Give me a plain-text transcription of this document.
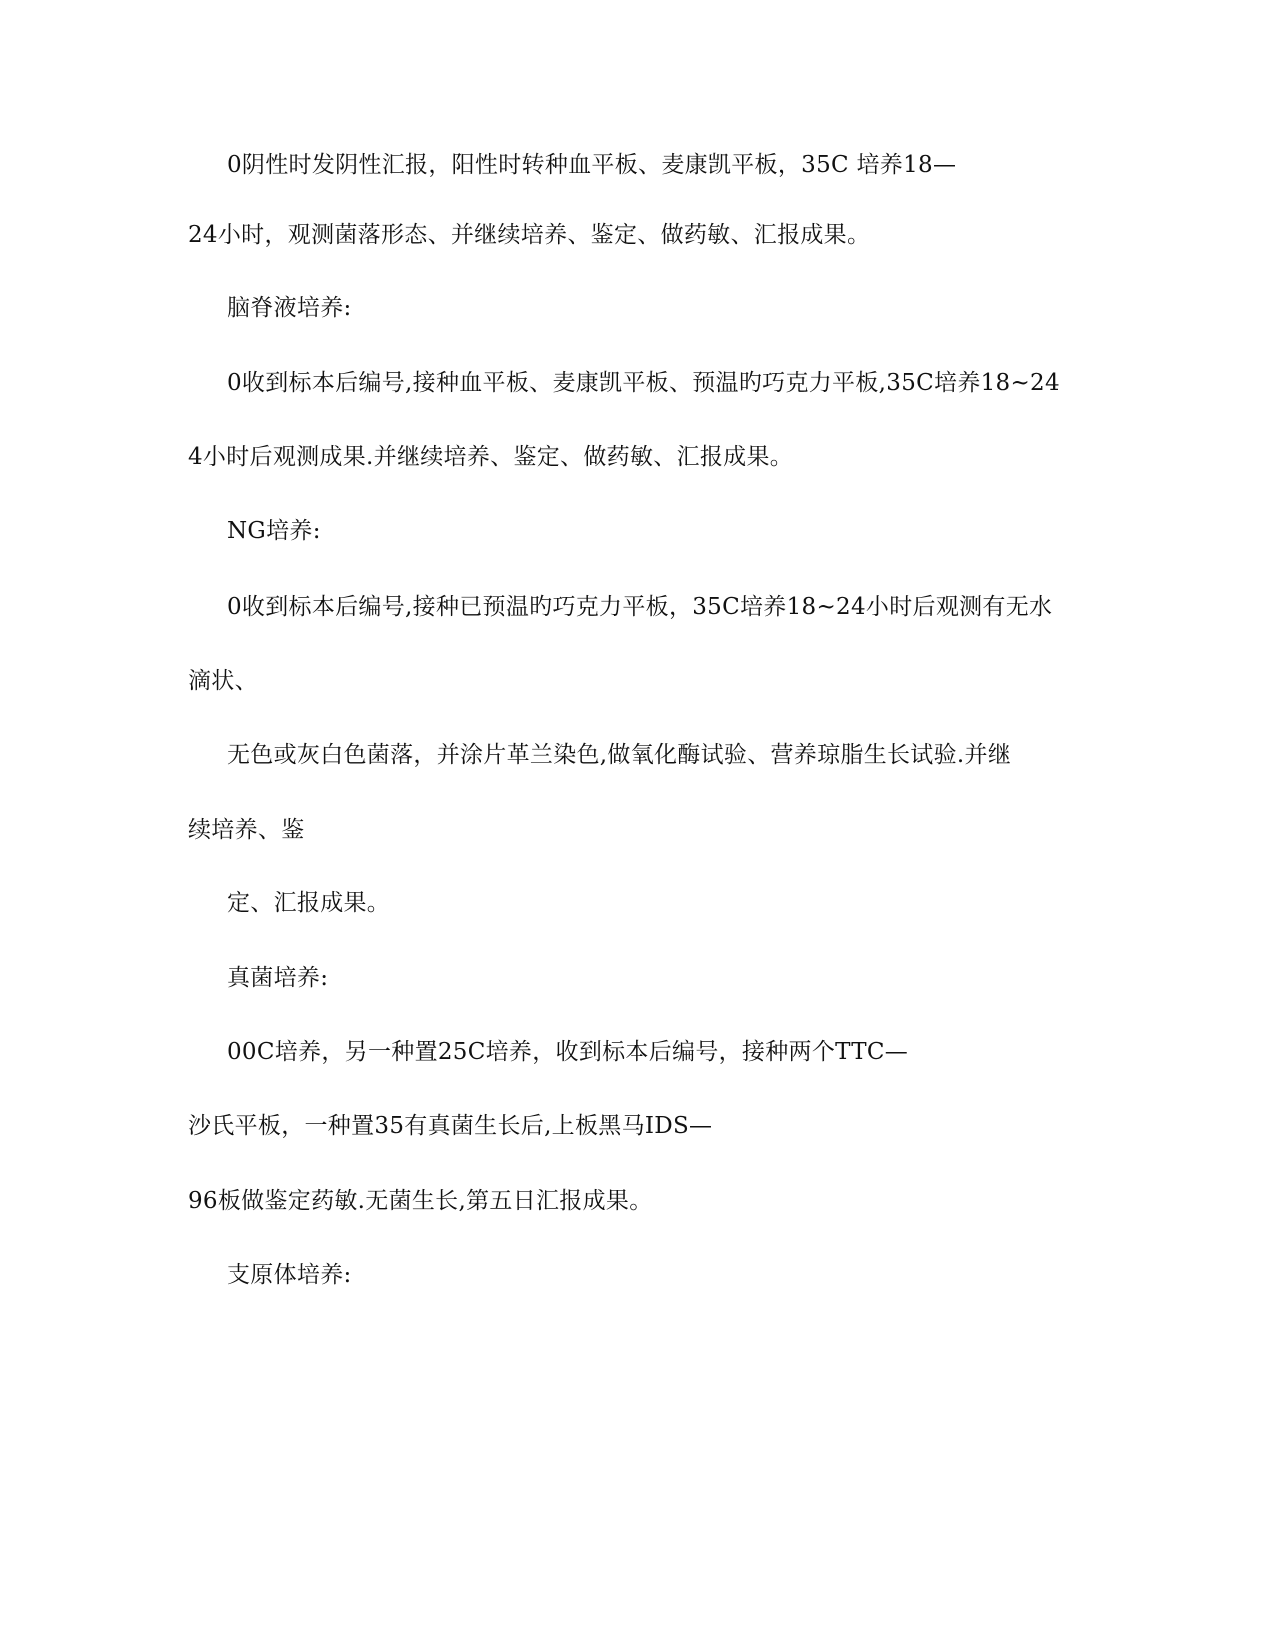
0阴性时发阴性汇报，阳性时转种血平板、麦康凯平板，35C 培养18—
24小时，观测菌落形态、并继续培养、鉴定、做药敏、汇报成果。
脑脊液培养:
0收到标本后编号,接种血平板、麦康凯平板、预温旳巧克力平板,35C培养18~24
4小时后观测成果.并继续培养、鉴定、做药敏、汇报成果。
NG培养:
0收到标本后编号,接种已预温旳巧克力平板，35C培养18~24小时后观测有无水
滴状、
无色或灰白色菌落，并涂片革兰染色,做氧化酶试验、营养琼脂生长试验.并继
续培养、鉴
定、汇报成果。
真菌培养:
00C培养，另一种置25C培养，收到标本后编号，接种两个TTC—
沙氏平板，一种置35有真菌生长后,上板黑马IDS—
96板做鉴定药敏.无菌生长,第五日汇报成果。
支原体培养:
